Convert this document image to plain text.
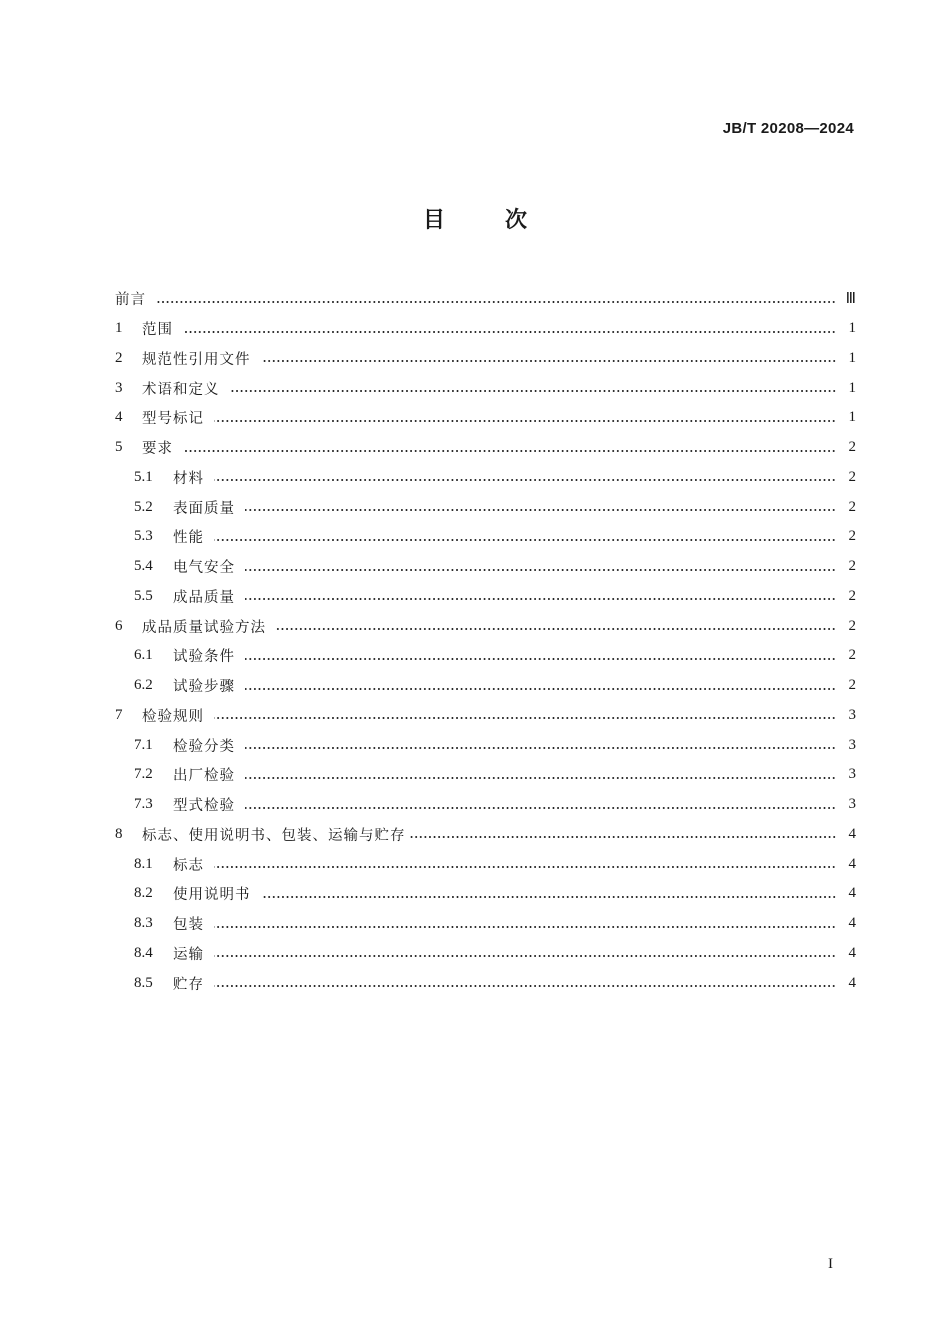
JB/T 20208—2024
目	次
前言	Ⅲ
1	范围	1
2	规范性引用文件	1
3	术语和定义	1
4	型号标记	1
5	要求	2
5.1	材料	2
5.2	表面质量	2
5.3	性能	2
5.4	电气安全	2
5.5	成品质量	2
6	成品质量试验方法	2
6.1	试验条件	2
6.2	试验步骤	2
7	检验规则	3
7.1	检验分类	3
7.2	出厂检验	3
7.3	型式检验	3
8	标志、使用说明书、包装、运输与贮存	4
8.1	标志	4
8.2	使用说明书	4
8.3	包装	4
8.4	运输	4
8.5	贮存	4
I
